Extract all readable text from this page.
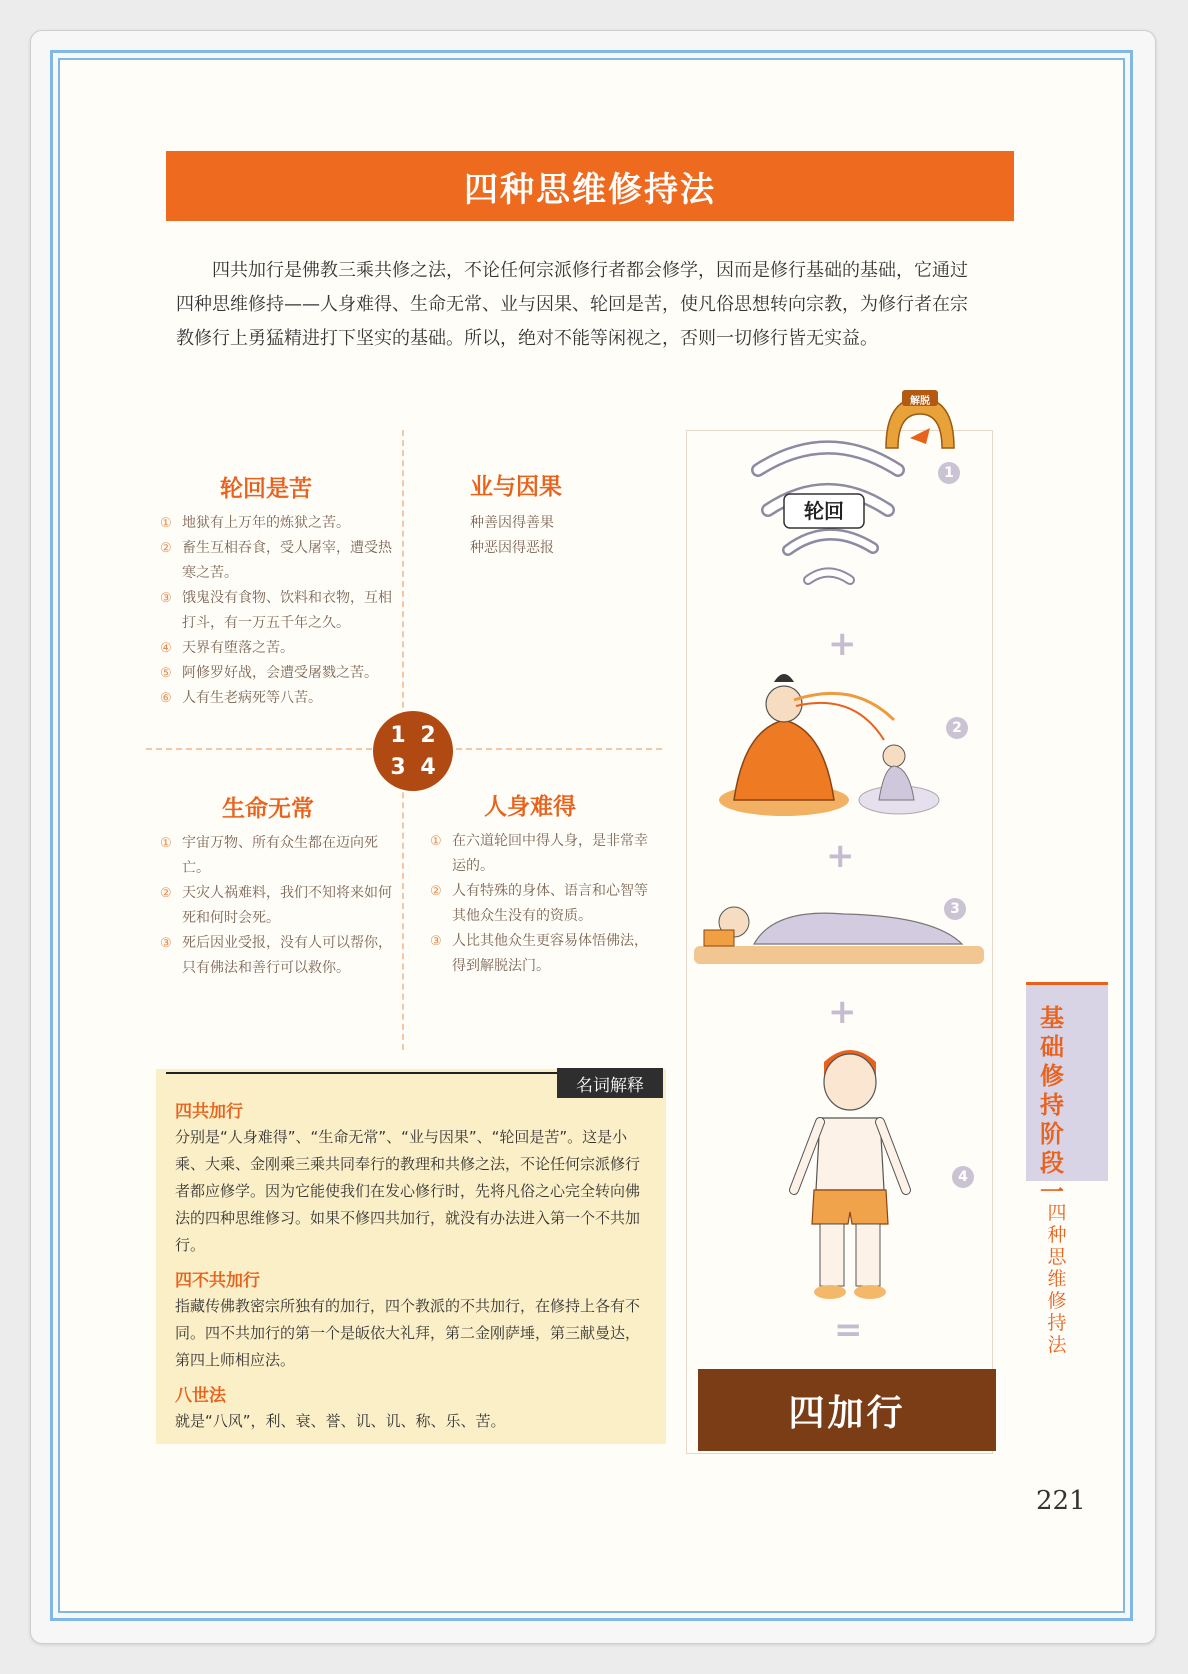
四种思维修持法
四共加行是佛教三乘共修之法，不论任何宗派修行者都会修学，因而是修行基础的基础，它通过四种思维修持——人身难得、生命无常、业与因果、轮回是苦，使凡俗思想转向宗教，为修行者在宗教修行上勇猛精进打下坚实的基础。所以，绝对不能等闲视之，否则一切修行皆无实益。
轮回是苦
① 地狱有上万年的炼狱之苦。
② 畜生互相吞食，受人屠宰，遭受热寒之苦。
③ 饿鬼没有食物、饮料和衣物，互相打斗，有一万五千年之久。
④ 天界有堕落之苦。
⑤ 阿修罗好战，会遭受屠戮之苦。
⑥ 人有生老病死等八苦。
业与因果
种善因得善果
种恶因得恶报
1 2
3 4
生命无常
① 宇宙万物、所有众生都在迈向死亡。
② 天灾人祸难料，我们不知将来如何死和何时会死。
③ 死后因业受报，没有人可以帮你，只有佛法和善行可以救你。
人身难得
① 在六道轮回中得人身，是非常幸运的。
② 人有特殊的身体、语言和心智等其他众生没有的资质。
③ 人比其他众生更容易体悟佛法，得到解脱法门。
名词解释
四共加行
分别是“人身难得”、“生命无常”、“业与因果”、“轮回是苦”。这是小乘、大乘、金刚乘三乘共同奉行的教理和共修之法，不论任何宗派修行者都应修学。因为它能使我们在发心修行时，先将凡俗之心完全转向佛法的四种思维修习。如果不修四共加行，就没有办法进入第一个不共加行。
四不共加行
指藏传佛教密宗所独有的加行，四个教派的不共加行，在修持上各有不同。四不共加行的第一个是皈依大礼拜，第二金刚萨埵，第三献曼达，第四上师相应法。
八世法
就是“八风”，利、衰、誉、讥、讥、称、乐、苦。
解脱
轮回
1
+
2
+
3
+
4
=
四加行
基础修持阶段一
四种思维修持法
221
